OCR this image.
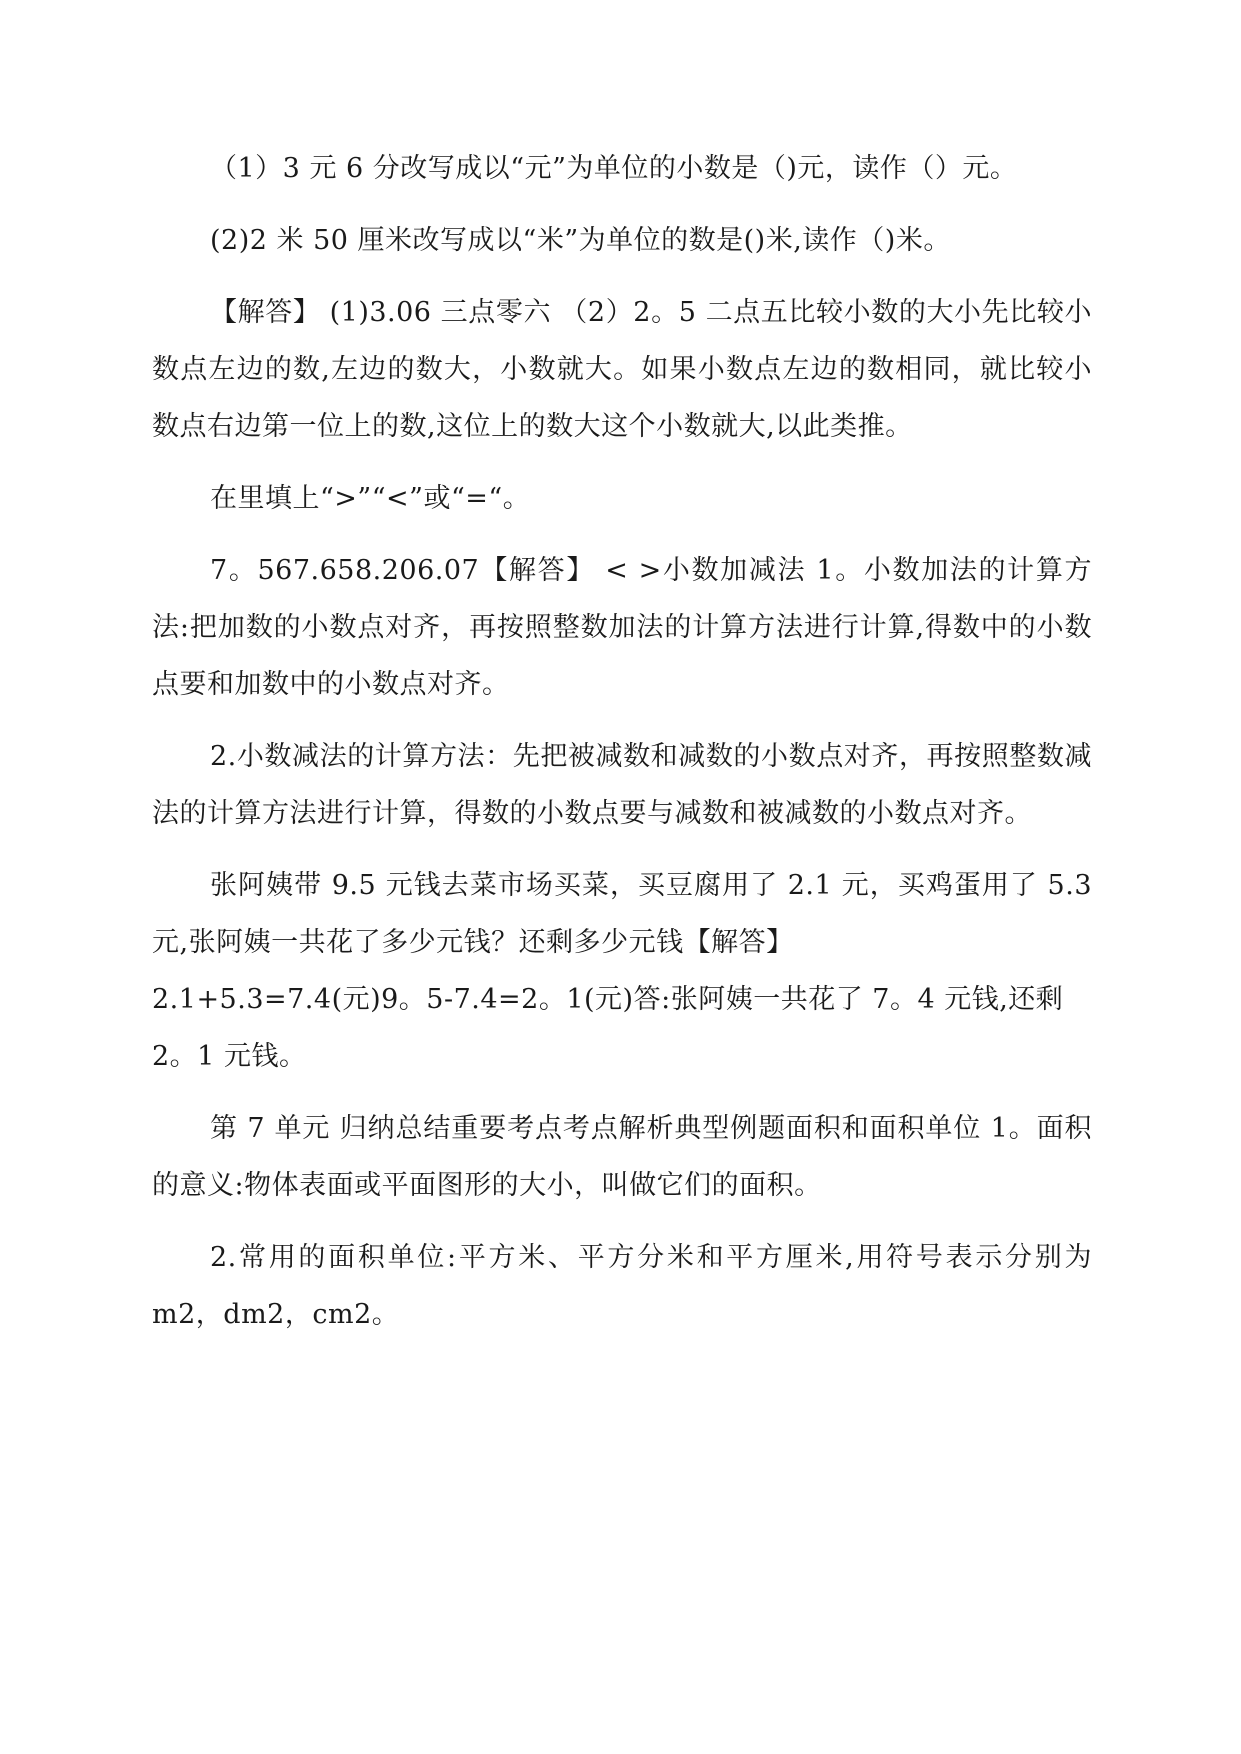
（1）3 元 6 分改写成以“元”为单位的小数是（)元，读作（）元。

(2)2 米 50 厘米改写成以“米”为单位的数是()米,读作（)米。

【解答】 (1)3.06 三点零六 （2）2。5 二点五比较小数的大小先比较小数点左边的数,左边的数大，小数就大。如果小数点左边的数相同，就比较小数点右边第一位上的数,这位上的数大这个小数就大,以此类推。

在里填上“>”“<”或“=“。

7。567.658.206.07【解答】 < >小数加减法 1。小数加法的计算方法:把加数的小数点对齐，再按照整数加法的计算方法进行计算,得数中的小数点要和加数中的小数点对齐。

2.小数减法的计算方法：先把被减数和减数的小数点对齐，再按照整数减法的计算方法进行计算，得数的小数点要与减数和被减数的小数点对齐。

张阿姨带 9.5 元钱去菜市场买菜，买豆腐用了 2.1 元，买鸡蛋用了 5.3 元,张阿姨一共花了多少元钱？还剩多少元钱【解答】

2.1+5.3=7.4(元)9。5-7.4=2。1(元)答:张阿姨一共花了 7。4 元钱,还剩 2。1 元钱。

第 7 单元 归纳总结重要考点考点解析典型例题面积和面积单位 1。面积的意义:物体表面或平面图形的大小，叫做它们的面积。

2.常用的面积单位:平方米、平方分米和平方厘米,用符号表示分别为 m2，dm2，cm2。
